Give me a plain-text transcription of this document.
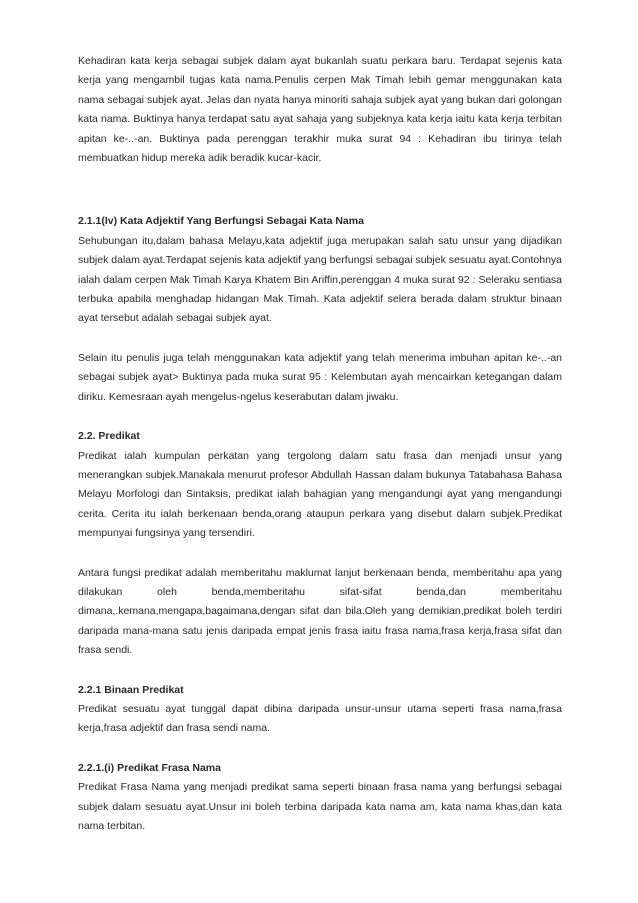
Kehadiran kata kerja sebagai subjek dalam ayat bukanlah suatu perkara baru. Terdapat sejenis kata kerja yang mengambil tugas kata nama.Penulis cerpen Mak Timah lebih gemar menggunakan kata nama sebagai subjek ayat. Jelas dan nyata hanya minoriti sahaja subjek ayat yang bukan dari golongan kata nama. Buktinya hanya terdapat satu ayat sahaja yang subjeknya kata kerja iaitu kata kerja terbitan apitan ke-..-an. Buktinya pada perenggan terakhir muka surat 94 : Kehadiran ibu tirinya telah membuatkan hidup mereka adik beradik kucar-kacir.

2.1.1(Iv) Kata Adjektif Yang Berfungsi Sebagai Kata Nama

Sehubungan itu,dalam bahasa Melayu,kata adjektif juga merupakan salah satu unsur yang dijadikan subjek dalam ayat.Terdapat sejenis kata adjektif yang berfungsi sebagai subjek sesuatu ayat.Contohnya ialah dalam cerpen Mak Timah Karya Khatem Bin Ariffin,perenggan 4 muka surat 92 : Seleraku sentiasa terbuka apabila menghadap hidangan Mak Timah. Kata adjektif selera berada dalam struktur binaan ayat tersebut adalah sebagai subjek ayat.

Selain itu penulis juga telah menggunakan kata adjektif yang telah menerima imbuhan apitan ke-..-an sebagai subjek ayat> Buktinya pada muka surat 95 : Kelembutan ayah mencairkan ketegangan dalam diriku. Kemesraan ayah mengelus-ngelus keserabutan dalam jiwaku.

2.2. Predikat

Predikat ialah kumpulan perkatan yang tergolong dalam satu frasa dan menjadi unsur yang menerangkan subjek.Manakala menurut profesor Abdullah Hassan dalam bukunya Tatabahasa Bahasa Melayu Morfologi dan Sintaksis, predikat ialah bahagian yang mengandungi ayat yang mengandungi cerita. Cerita itu ialah berkenaan benda,orang ataupun perkara yang disebut dalam subjek.Predikat mempunyai fungsinya yang tersendiri.

Antara fungsi predikat adalah memberitahu maklumat lanjut berkenaan benda, memberitahu apa yang dilakukan oleh benda,memberitahu sifat-sifat benda,dan memberitahu dimana,.kemana,mengapa,bagaimana,dengan sifat dan bila.Oleh yang demikian,predikat boleh terdiri daripada mana-mana satu jenis daripada empat jenis frasa iaitu frasa nama,frasa kerja,frasa sifat dan frasa sendi.

2.2.1 Binaan Predikat

Predikat sesuatu ayat tunggal dapat dibina daripada unsur-unsur utama seperti frasa nama,frasa kerja,frasa adjektif dan frasa sendi nama.

2.2.1.(i) Predikat Frasa Nama

Predikat Frasa Nama yang menjadi predikat sama seperti binaan frasa nama yang berfungsi sebagai subjek dalam sesuatu ayat.Unsur ini boleh terbina daripada kata nama am, kata nama khas,dan kata nama terbitan.
